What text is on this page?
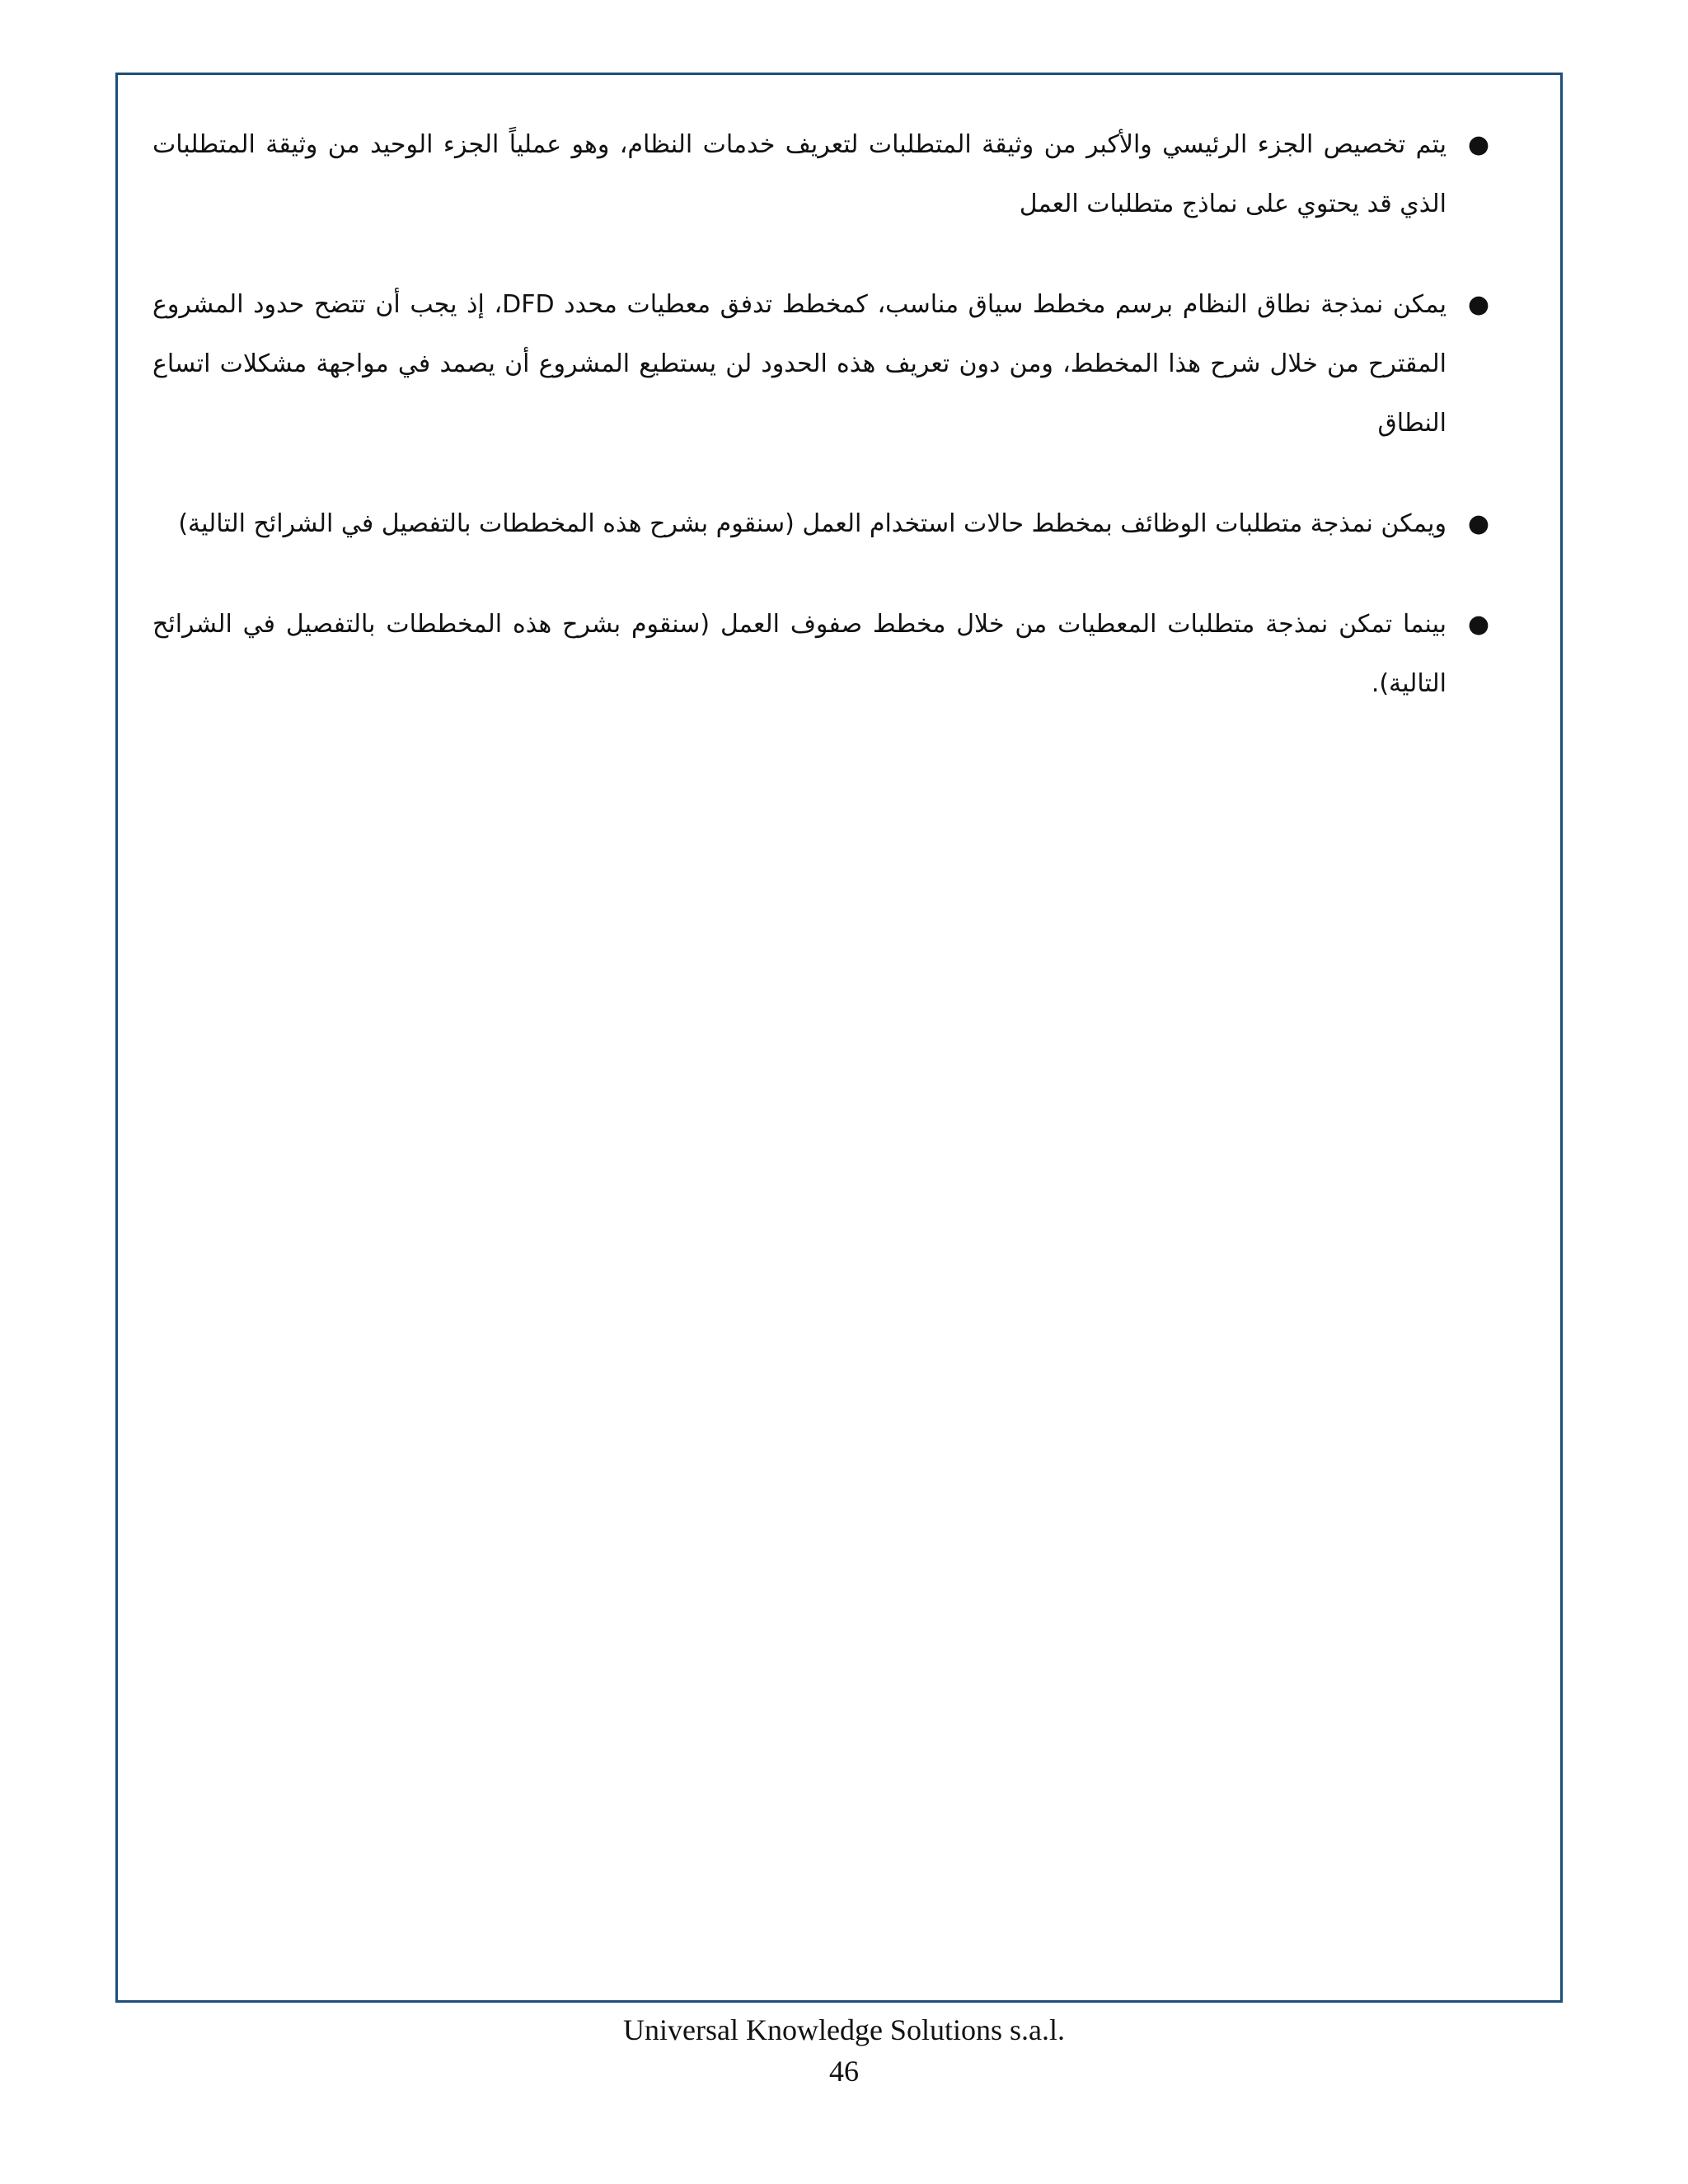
●
يتم تخصيص الجزء الرئيسي والأكبر من وثيقة المتطلبات لتعريف خدمات النظام، وهو عملياً الجزء الوحيد من وثيقة المتطلبات الذي قد يحتوي على نماذج متطلبات العمل
●
يمكن نمذجة نطاق النظام برسم مخطط سياق مناسب، كمخطط تدفق معطيات محدد DFD، إذ يجب أن تتضح حدود المشروع المقترح من خلال شرح هذا المخطط، ومن دون تعريف هذه الحدود لن يستطيع المشروع أن يصمد في مواجهة مشكلات اتساع النطاق
●
ويمكن نمذجة متطلبات الوظائف بمخطط حالات استخدام العمل (سنقوم بشرح هذه المخططات بالتفصيل في الشرائح التالية)
●
بينما تمكن نمذجة متطلبات المعطيات من خلال مخطط صفوف العمل (سنقوم بشرح هذه المخططات بالتفصيل في الشرائح التالية).
Universal Knowledge Solutions s.a.l.
46
